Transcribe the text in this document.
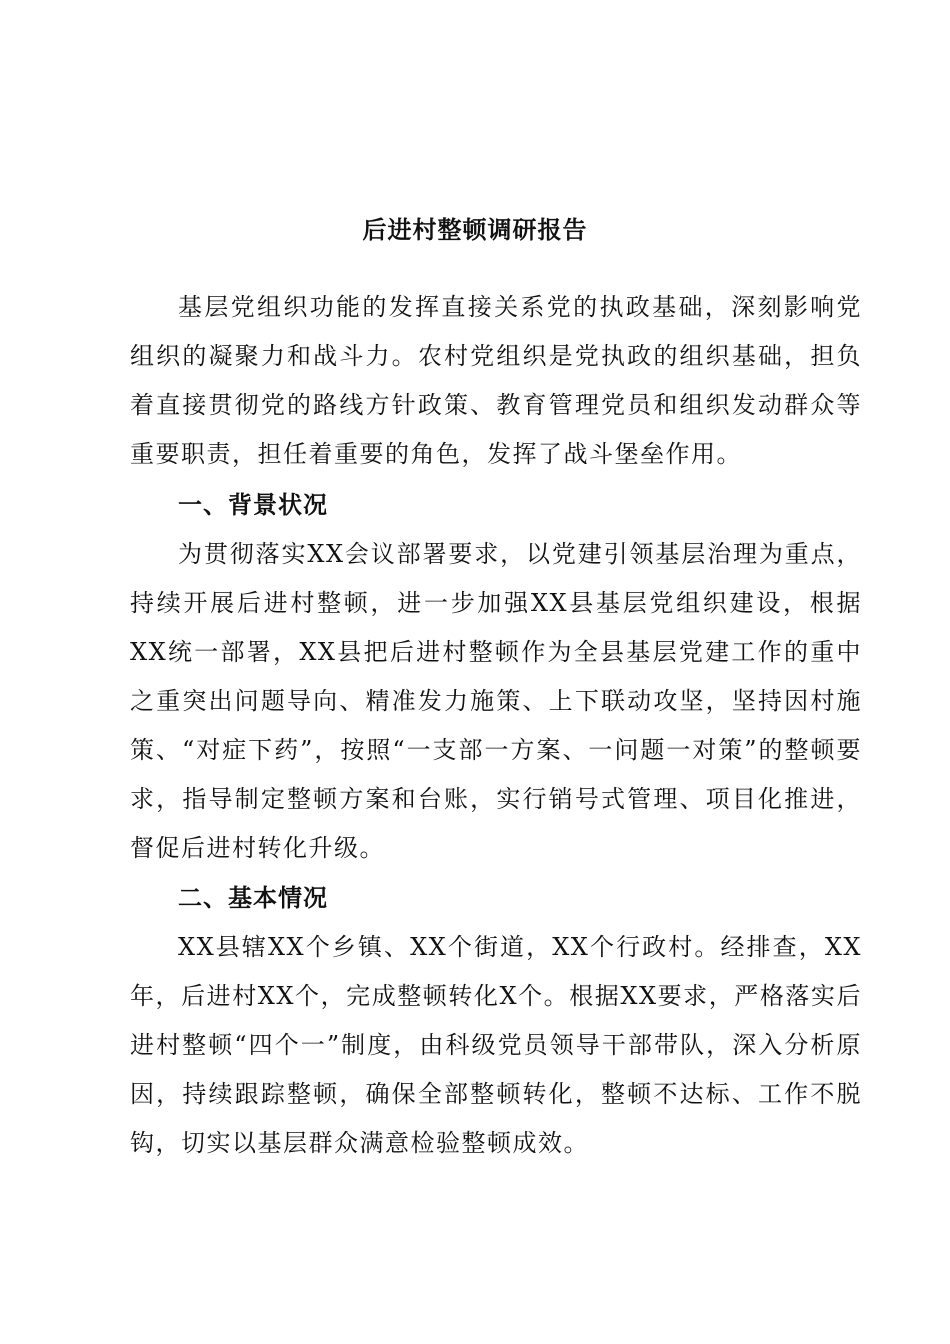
后进村整顿调研报告
基层党组织功能的发挥直接关系党的执政基础，深刻影响党组织的凝聚力和战斗力。农村党组织是党执政的组织基础，担负着直接贯彻党的路线方针政策、教育管理党员和组织发动群众等重要职责，担任着重要的角色，发挥了战斗堡垒作用。
一、背景状况
为贯彻落实XX会议部署要求，以党建引领基层治理为重点，持续开展后进村整顿，进一步加强XX县基层党组织建设，根据XX统一部署，XX县把后进村整顿作为全县基层党建工作的重中之重突出问题导向、精准发力施策、上下联动攻坚，坚持因村施策、“对症下药”，按照“一支部一方案、一问题一对策”的整顿要求，指导制定整顿方案和台账，实行销号式管理、项目化推进，督促后进村转化升级。
二、基本情况
XX县辖XX个乡镇、XX个街道，XX个行政村。经排查，XX年，后进村XX个，完成整顿转化X个。根据XX要求，严格落实后进村整顿“四个一”制度，由科级党员领导干部带队，深入分析原因，持续跟踪整顿，确保全部整顿转化，整顿不达标、工作不脱钩，切实以基层群众满意检验整顿成效。
